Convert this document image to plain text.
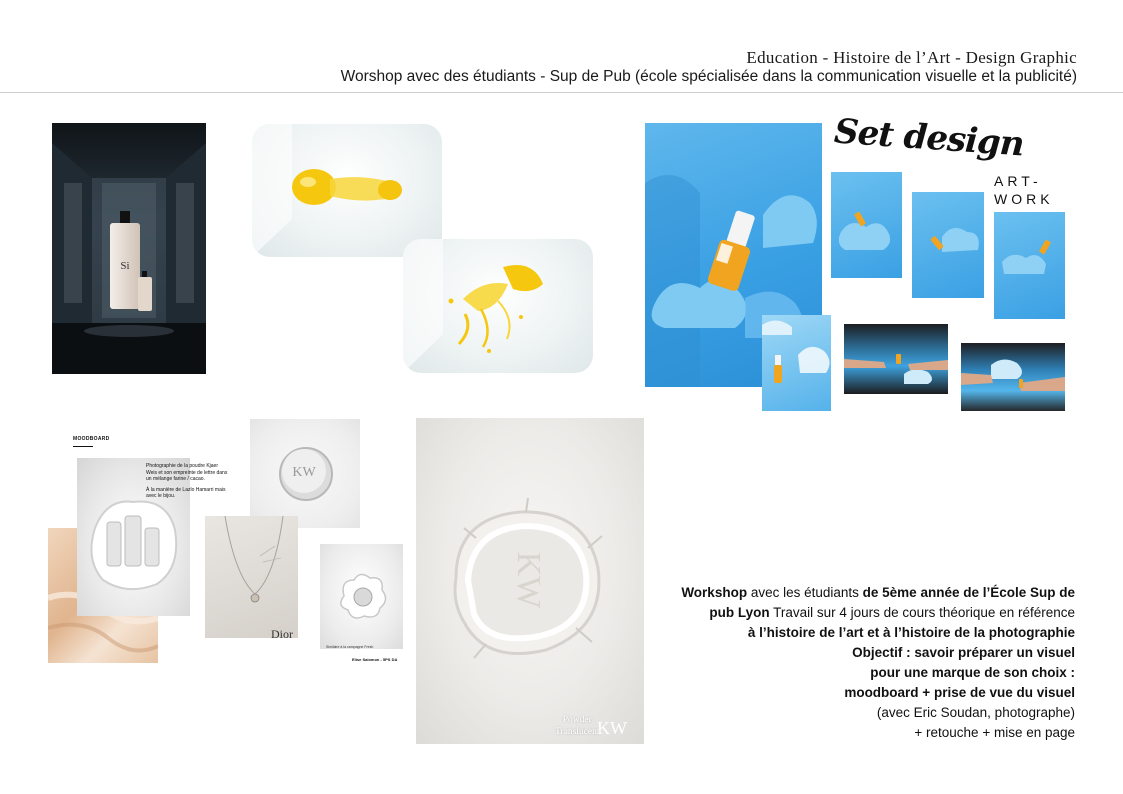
Education - Histoire de l’Art - Design Graphic
Worshop avec des étudiants - Sup de Pub (école spécialisée dans la communication visuelle et la publicité)
Si
Set design
ART-
WORK
MOODBOARD
Photographie de la poudre Kjaer Weis et son empreinte de lettre dans un mélange farine / cacao.
À la manière de Lazlo Hamarri mais avec le bijou.
KW
Dior
Similaire à la campagne Fresh
Elise Salomon - 5PS DA
KW
KW
Powder
Translucent
Workshop avec les étudiants de 5ème année de l’École Sup de
pub Lyon Travail sur 4 jours de cours théorique en référence
à l’histoire de l’art et à l’histoire de la photographie
Objectif : savoir préparer un visuel
pour une marque de son choix :
moodboard + prise de vue du visuel
(avec Eric Soudan, photographe)
+ retouche + mise en page
